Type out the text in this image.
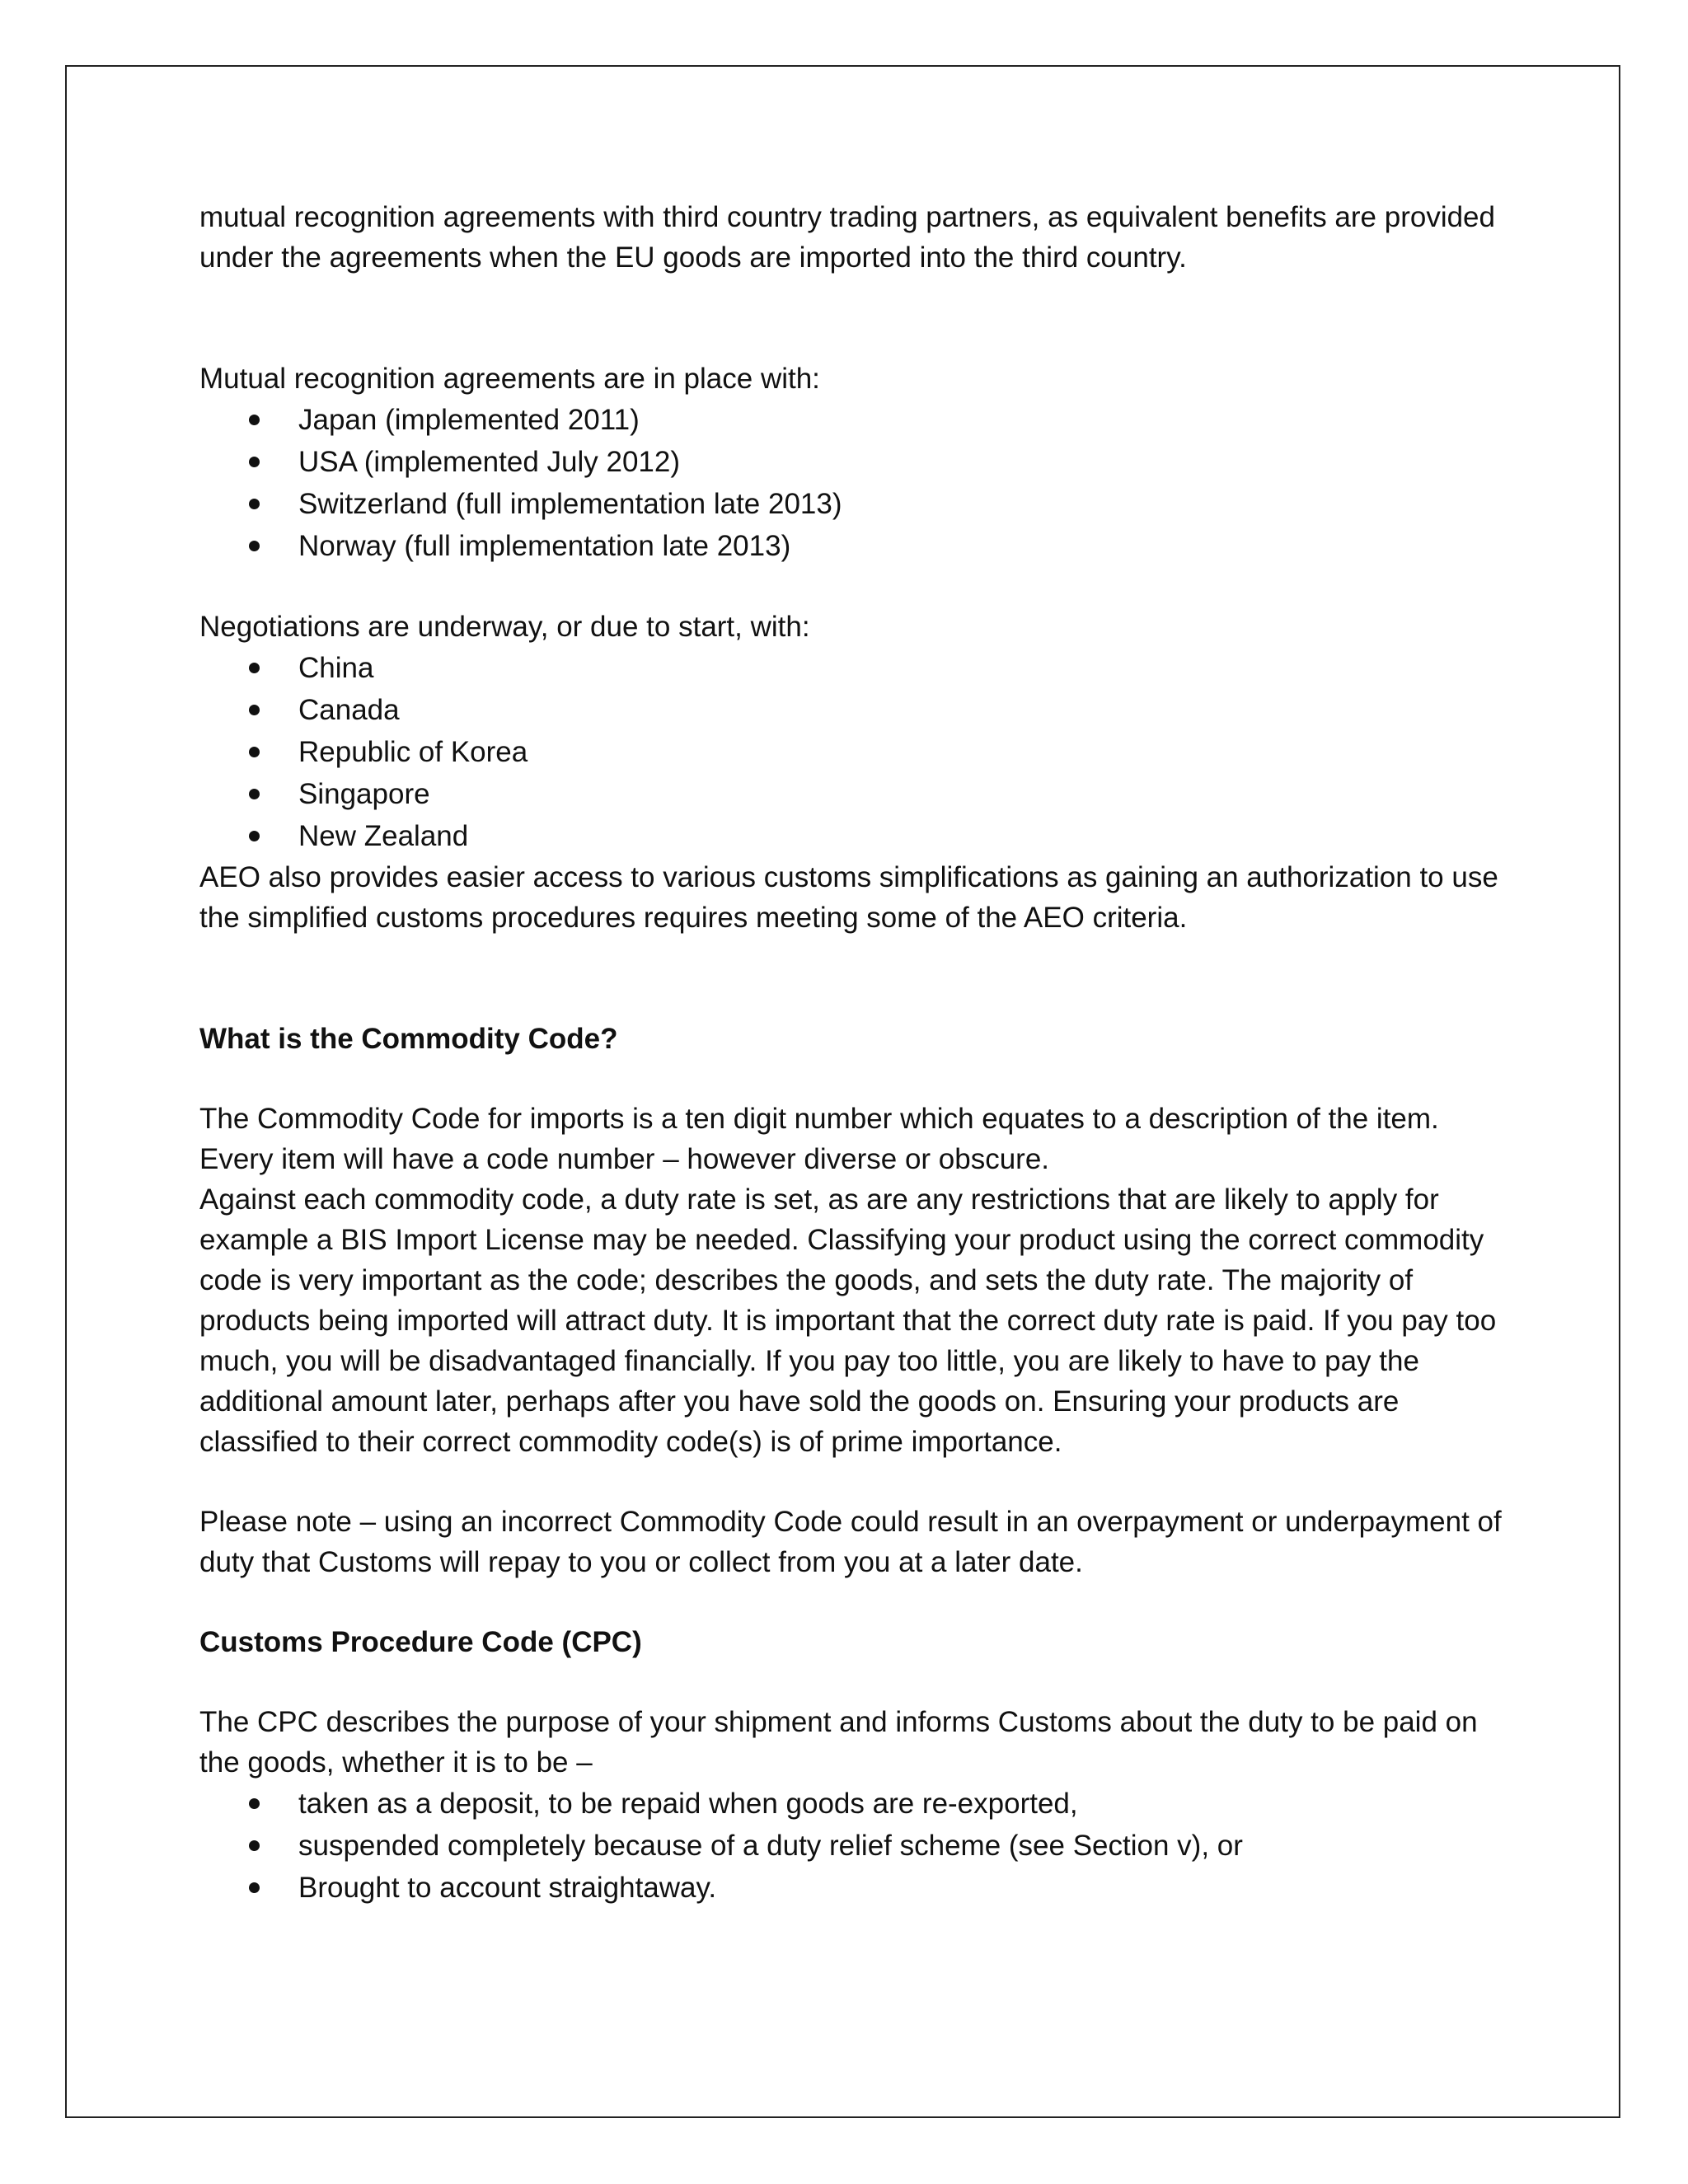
mutual recognition agreements with third country trading partners, as equivalent benefits are provided under the agreements when the EU goods are imported into the third country.

Mutual recognition agreements are in place with:

Japan (implemented 2011)
USA (implemented July 2012)
Switzerland (full implementation late 2013)
Norway (full implementation late 2013)

Negotiations are underway, or due to start, with:

China
Canada
Republic of Korea
Singapore
New Zealand

AEO also provides easier access to various customs simplifications as gaining an authorization to use the simplified customs procedures requires meeting some of the AEO criteria.

What is the Commodity Code?

The Commodity Code for imports is a ten digit number which equates to a description of the item. Every item will have a code number – however diverse or obscure.

Against each commodity code, a duty rate is set, as are any restrictions that are likely to apply for example a BIS Import License may be needed. Classifying your product using the correct commodity code is very important as the code; describes the goods, and sets the duty rate. The majority of products being imported will attract duty. It is important that the correct duty rate is paid. If you pay too much, you will be disadvantaged financially. If you pay too little, you are likely to have to pay the additional amount later, perhaps after you have sold the goods on. Ensuring your products are classified to their correct commodity code(s) is of prime importance.

Please note – using an incorrect Commodity Code could result in an overpayment or underpayment of duty that Customs will repay to you or collect from you at a later date.

Customs Procedure Code (CPC)

The CPC describes the purpose of your shipment and informs Customs about the duty to be paid on the goods, whether it is to be –

taken as a deposit, to be repaid when goods are re-exported,
suspended completely because of a duty relief scheme (see Section v), or
Brought to account straightaway.
